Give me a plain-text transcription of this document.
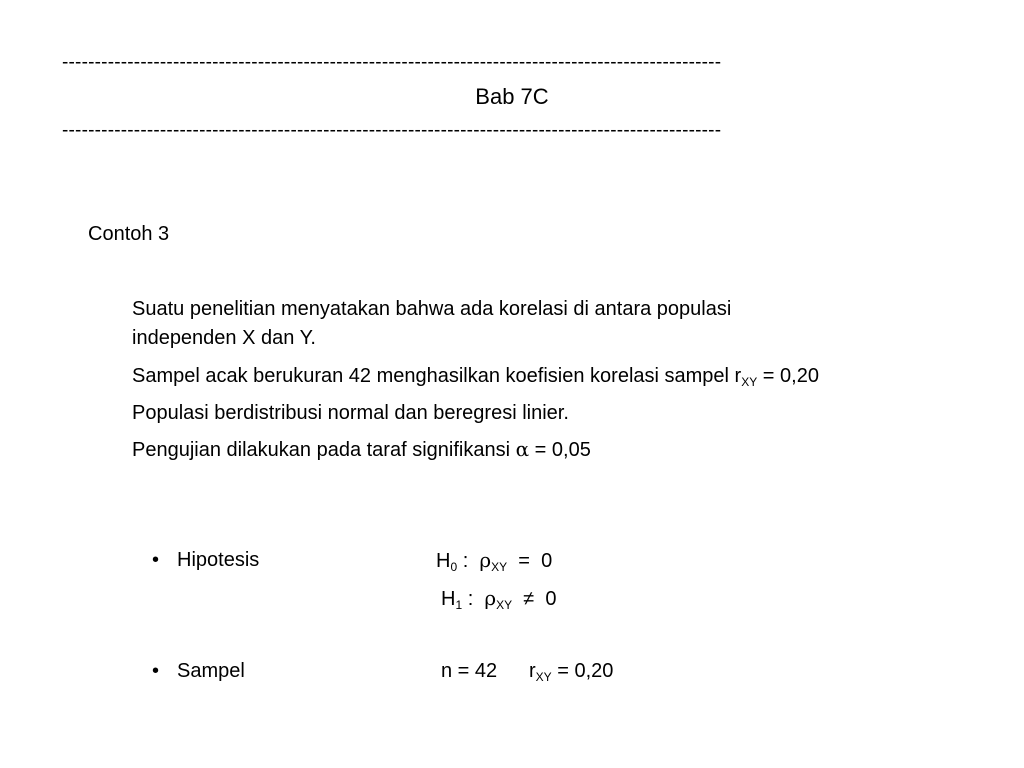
-----------------------------------------------------------------------------------------------------
Bab 7C
-----------------------------------------------------------------------------------------------------
Contoh 3
Suatu penelitian menyatakan bahwa ada korelasi di antara populasi
independen X dan Y.
Sampel acak berukuran 42 menghasilkan koefisien korelasi sampel $r_{XY} = 0,20$
Populasi berdistribusi normal dan beregresi linier.
Pengujian dilakukan pada taraf signifikansi α = 0,05
• Hipotesis	$H_0$ :  $\rho_{XY} = 0$
$H_1$ :  $\rho_{XY} \ne 0$
• Sampel	n = 42 $r_{XY} = 0,20$
